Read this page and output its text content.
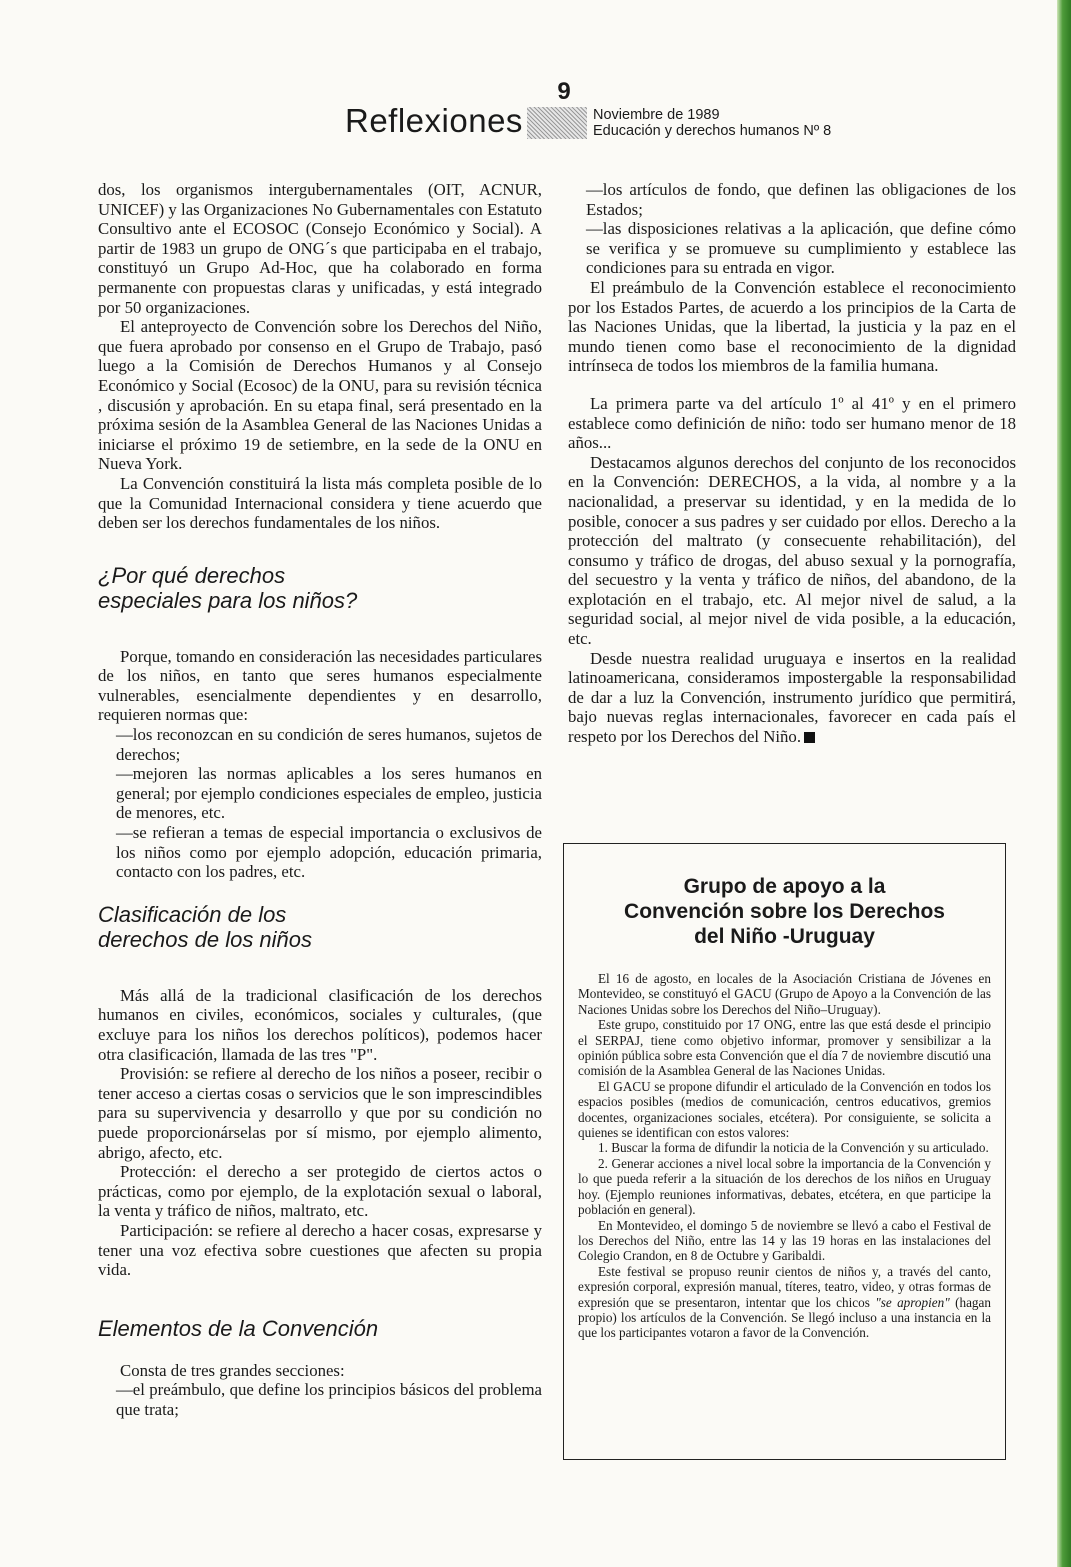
9
Reflexiones	Noviembre de 1989
Educación y derechos humanos Nº 8

dos, los organismos intergubernamentales (OIT, ACNUR, UNICEF) y las Organizaciones No Gubernamentales con Estatuto Consultivo ante el ECOSOC (Consejo Económico y Social). A partir de 1983 un grupo de ONG´s que participaba en el trabajo, constituyó un Grupo Ad-Hoc, que ha colaborado en forma permanente con propuestas claras y unificadas, y está integrado por 50 organizaciones.

El anteproyecto de Convención sobre los Derechos del Niño, que fuera aprobado por consenso en el Grupo de Trabajo, pasó luego a la Comisión de Derechos Humanos y al Consejo Económico y Social (Ecosoc) de la ONU, para su revisión técnica , discusión y aprobación. En su etapa final, será presentado en la próxima sesión de la Asamblea General de las Naciones Unidas a iniciarse el próximo 19 de setiembre, en la sede de la ONU en Nueva York.

La Convención constituirá la lista más completa posible de lo que la Comunidad Internacional considera y tiene acuerdo que deben ser los derechos fundamentales de los niños.

¿Por qué derechos
especiales para los niños?

Porque, tomando en consideración las necesidades particulares de los niños, en tanto que seres humanos especialmente vulnerables, esencialmente dependientes y en desarrollo, requieren normas que:

—los reconozcan en su condición de seres humanos, sujetos de derechos;

—mejoren las normas aplicables a los seres humanos en general; por ejemplo condiciones especiales de empleo, justicia de menores, etc.

—se refieran a temas de especial importancia o exclusivos de los niños como por ejemplo adopción, educación primaria, contacto con los padres, etc.

Clasificación de los
derechos de los niños

Más allá de la tradicional clasificación de los derechos humanos en civiles, económicos, sociales y culturales, (que excluye para los niños los derechos políticos), podemos hacer otra clasificación, llamada de las tres "P".

Provisión: se refiere al derecho de los niños a poseer, recibir o tener acceso a ciertas cosas o servicios que le son imprescindibles para su supervivencia y desarrollo y que por su condición no puede proporcionárselas por sí mismo, por ejemplo alimento, abrigo, afecto, etc.

Protección: el derecho a ser protegido de ciertos actos o prácticas, como por ejemplo, de la explotación sexual o laboral, la venta y tráfico de niños, maltrato, etc.

Participación: se refiere al derecho a hacer cosas, expresarse y tener una voz efectiva sobre cuestiones que afecten su propia vida.

Elementos de la Convención

Consta de tres grandes secciones:

—el preámbulo, que define los principios básicos del problema que trata;

—los artículos de fondo, que definen las obligaciones de los Estados;

—las disposiciones relativas a la aplicación, que define cómo se verifica y se promueve su cumplimiento y establece las condiciones para su entrada en vigor.

El preámbulo de la Convención establece el reconocimiento por los Estados Partes, de acuerdo a los principios de la Carta de las Naciones Unidas, que la libertad, la justicia y la paz en el mundo tienen como base el reconocimiento de la dignidad intrínseca de todos los miembros de la familia humana.

La primera parte va del artículo 1º al 41º y en el primero establece como definición de niño: todo ser humano menor de 18 años...

Destacamos algunos derechos del conjunto de los reconocidos en la Convención: DERECHOS, a la vida, al nombre y a la nacionalidad, a preservar su identidad, y en la medida de lo posible, conocer a sus padres y ser cuidado por ellos. Derecho a la protección del maltrato (y consecuente rehabilitación), del consumo y tráfico de drogas, del abuso sexual y la pornografía, del secuestro y la venta y tráfico de niños, del abandono, de la explotación en el trabajo, etc. Al mejor nivel de salud, a la seguridad social, al mejor nivel de vida posible, a la educación, etc.

Desde nuestra realidad uruguaya e insertos en la realidad latinoamericana, consideramos impostergable la responsabilidad de dar a luz la Convención, instrumento jurídico que permitirá, bajo nuevas reglas internacionales, favorecer en cada país el respeto por los Derechos del Niño.

Grupo de apoyo a la
Convención sobre los Derechos
del Niño -Uruguay

El 16 de agosto, en locales de la Asociación Cristiana de Jóvenes en Montevideo, se constituyó el GACU (Grupo de Apoyo a la Convención de las Naciones Unidas sobre los Derechos del Niño–Uruguay).

Este grupo, constituido por 17 ONG, entre las que está desde el principio el SERPAJ, tiene como objetivo informar, promover y sensibilizar a la opinión pública sobre esta Convención que el día 7 de noviembre discutió una comisión de la Asamblea General de las Naciones Unidas.

El GACU se propone difundir el articulado de la Convención en todos los espacios posibles (medios de comunicación, centros educativos, gremios docentes, organizaciones sociales, etcétera). Por consiguiente, se solicita a quienes se identifican con estos valores:

1. Buscar la forma de difundir la noticia de la Convención y su articulado.

2. Generar acciones a nivel local sobre la importancia de la Convención y lo que pueda referir a la situación de los derechos de los niños en Uruguay hoy. (Ejemplo reuniones informativas, debates, etcétera, en que participe la población en general).

En Montevideo, el domingo 5 de noviembre se llevó a cabo el Festival de los Derechos del Niño, entre las 14 y las 19 horas en las instalaciones del Colegio Crandon, en 8 de Octubre y Garibaldi.

Este festival se propuso reunir cientos de niños y, a través del canto, expresión corporal, expresión manual, títeres, teatro, video, y otras formas de expresión que se presentaron, intentar que los chicos "se apropien" (hagan propio) los artículos de la Convención. Se llegó incluso a una instancia en la que los participantes votaron a favor de la Convención.
